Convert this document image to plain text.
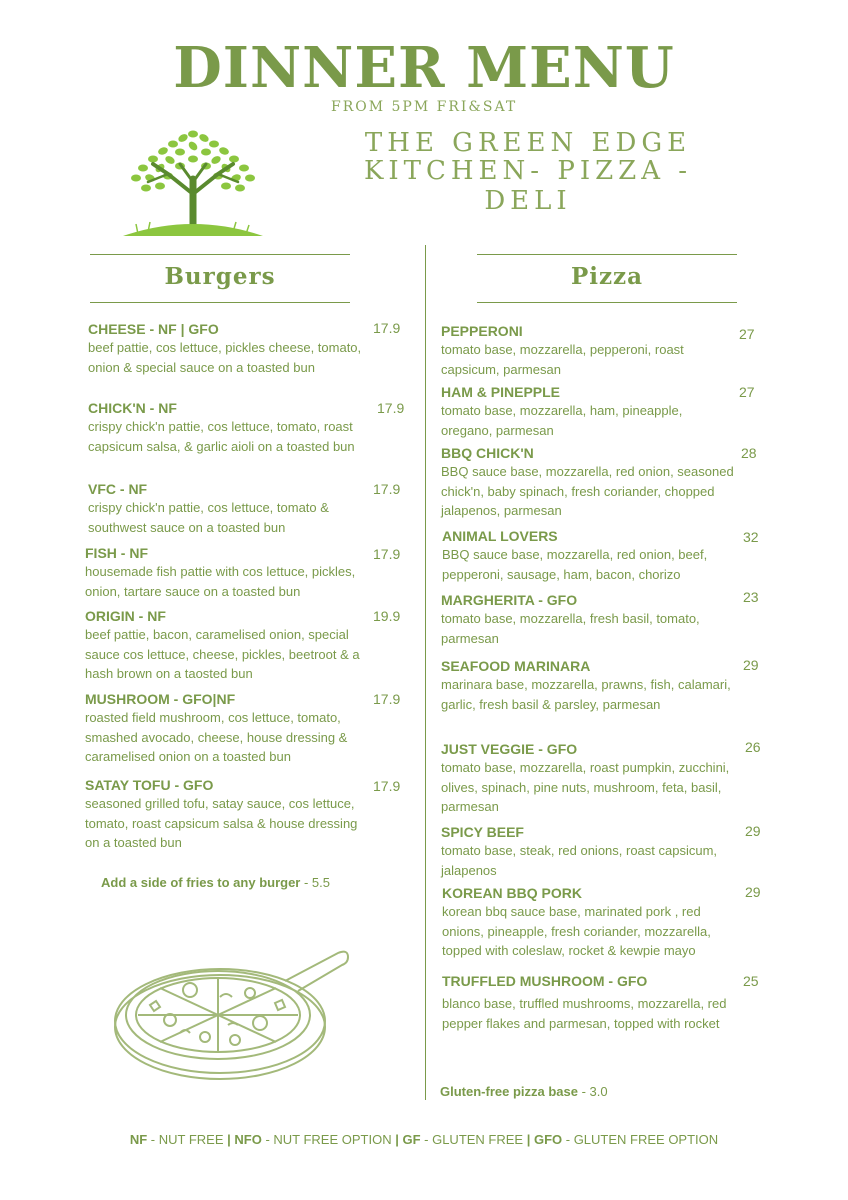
DINNER MENU
FROM 5PM FRI&SAT
THE GREEN EDGE
KITCHEN- PIZZA - DELI
Burgers	Pizza
CHEESE - NF | GFO
beef pattie, cos lettuce, pickles cheese, tomato, onion & special sauce on a toasted bun
17.9
CHICK'N - NF
crispy chick'n pattie, cos lettuce, tomato, roast capsicum salsa, & garlic aioli on a toasted bun
17.9
VFC - NF
crispy chick'n pattie, cos lettuce, tomato & southwest sauce on a toasted bun
17.9
FISH - NF
housemade fish pattie with cos lettuce, pickles, onion, tartare sauce on a toasted bun
17.9
ORIGIN - NF
beef pattie, bacon, caramelised onion, special sauce cos lettuce, cheese, pickles, beetroot & a hash brown on a taosted bun
19.9
MUSHROOM - GFO|NF
roasted field mushroom, cos lettuce, tomato, smashed avocado, cheese, house dressing & caramelised onion on a toasted bun
17.9
SATAY TOFU - GFO
seasoned grilled tofu, satay sauce, cos lettuce, tomato, roast capsicum salsa & house dressing on a toasted bun
17.9
Add a side of fries to any burger - 5.5
PEPPERONI
tomato base, mozzarella, pepperoni, roast capsicum, parmesan
27
HAM & PINEPPLE
tomato base, mozzarella, ham, pineapple, oregano, parmesan
27
BBQ CHICK'N
BBQ sauce base, mozzarella, red onion, seasoned chick'n, baby spinach, fresh coriander, chopped jalapenos, parmesan
28
ANIMAL LOVERS
BBQ sauce base, mozzarella, red onion, beef, pepperoni, sausage, ham, bacon, chorizo
32
MARGHERITA - GFO
tomato base, mozzarella, fresh basil, tomato, parmesan
23
SEAFOOD MARINARA
marinara base, mozzarella, prawns, fish, calamari, garlic, fresh basil & parsley, parmesan
29
JUST VEGGIE - GFO
tomato base, mozzarella, roast pumpkin, zucchini, olives, spinach, pine nuts, mushroom, feta, basil, parmesan
26
SPICY BEEF
tomato base, steak, red onions, roast capsicum, jalapenos
29
KOREAN BBQ PORK
korean bbq sauce base, marinated pork , red onions, pineapple, fresh coriander, mozzarella, topped with coleslaw, rocket & kewpie mayo
29
TRUFFLED MUSHROOM - GFO
blanco base, truffled mushrooms, mozzarella, red pepper flakes and parmesan, topped with rocket
25
Gluten-free pizza base - 3.0
NF - NUT FREE | NFO - NUT FREE OPTION | GF - GLUTEN FREE | GFO - GLUTEN FREE OPTION
